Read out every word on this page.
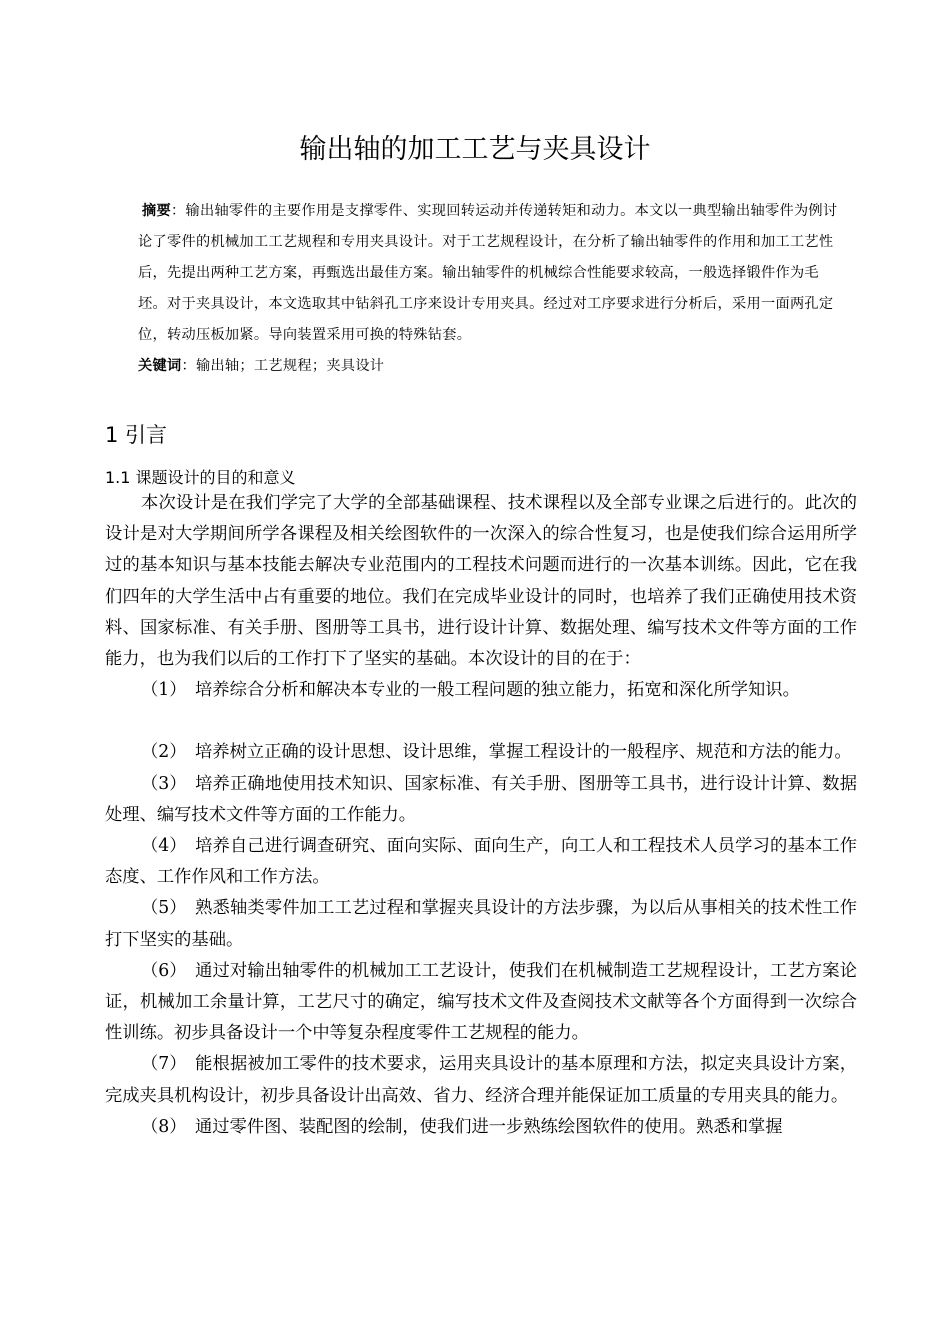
输出轴的加工工艺与夹具设计

摘要：输出轴零件的主要作用是支撑零件、实现回转运动并传递转矩和动力。本文以一典型输出轴零件为例讨论了零件的机械加工工艺规程和专用夹具设计。对于工艺规程设计，在分析了输出轴零件的作用和加工工艺性后，先提出两种工艺方案，再甄选出最佳方案。输出轴零件的机械综合性能要求较高，一般选择锻件作为毛坯。对于夹具设计，本文选取其中钻斜孔工序来设计专用夹具。经过对工序要求进行分析后，采用一面两孔定位，转动压板加紧。导向装置采用可换的特殊钻套。

关键词：输出轴；工艺规程；夹具设计

1 引言
1.1 课题设计的目的和意义

本次设计是在我们学完了大学的全部基础课程、技术课程以及全部专业课之后进行的。此次的设计是对大学期间所学各课程及相关绘图软件的一次深入的综合性复习，也是使我们综合运用所学过的基本知识与基本技能去解决专业范围内的工程技术问题而进行的一次基本训练。因此，它在我们四年的大学生活中占有重要的地位。我们在完成毕业设计的同时，也培养了我们正确使用技术资料、国家标准、有关手册、图册等工具书，进行设计计算、数据处理、编写技术文件等方面的工作能力，也为我们以后的工作打下了坚实的基础。本次设计的目的在于：

（1） 培养综合分析和解决本专业的一般工程问题的独立能力，拓宽和深化所学知识。

（2） 培养树立正确的设计思想、设计思维，掌握工程设计的一般程序、规范和方法的能力。

（3） 培养正确地使用技术知识、国家标准、有关手册、图册等工具书，进行设计计算、数据处理、编写技术文件等方面的工作能力。

（4） 培养自己进行调查研究、面向实际、面向生产，向工人和工程技术人员学习的基本工作态度、工作作风和工作方法。

（5） 熟悉轴类零件加工工艺过程和掌握夹具设计的方法步骤，为以后从事相关的技术性工作打下坚实的基础。

（6） 通过对输出轴零件的机械加工工艺设计，使我们在机械制造工艺规程设计，工艺方案论证，机械加工余量计算，工艺尺寸的确定，编写技术文件及查阅技术文献等各个方面得到一次综合性训练。初步具备设计一个中等复杂程度零件工艺规程的能力。

（7） 能根据被加工零件的技术要求，运用夹具设计的基本原理和方法，拟定夹具设计方案，完成夹具机构设计，初步具备设计出高效、省力、经济合理并能保证加工质量的专用夹具的能力。

（8） 通过零件图、装配图的绘制，使我们进一步熟练绘图软件的使用。熟悉和掌握
